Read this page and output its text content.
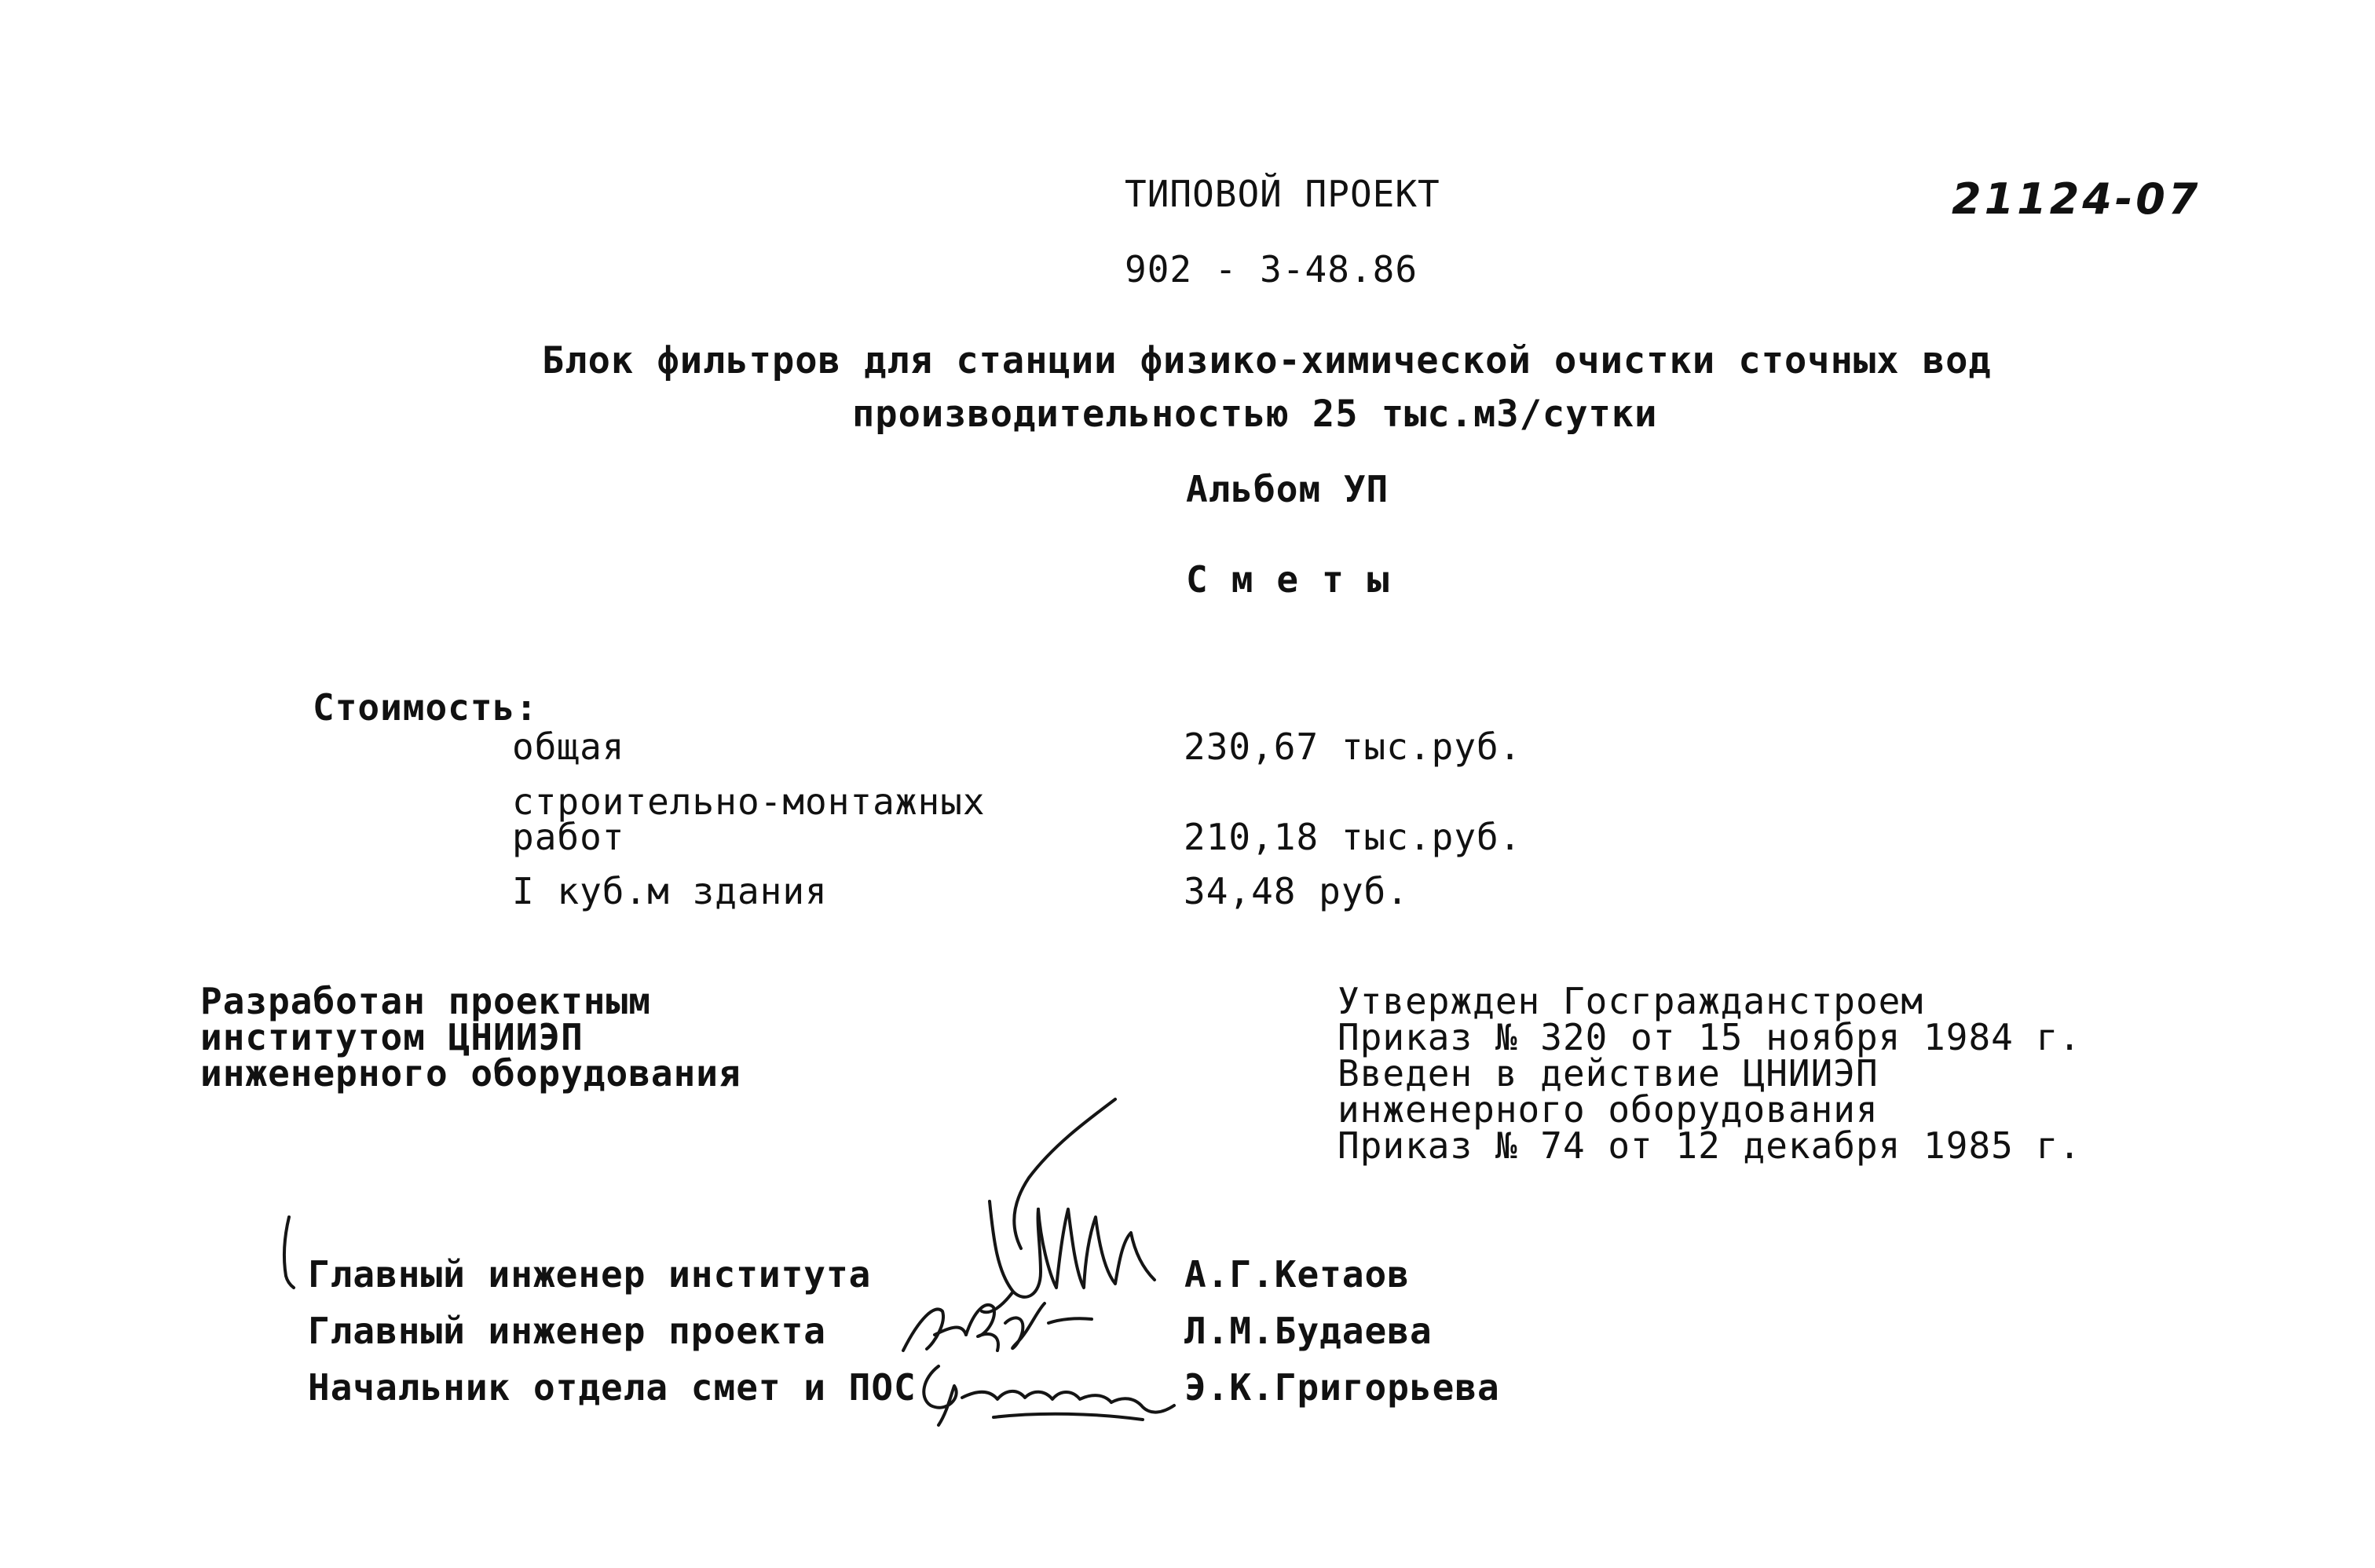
ТИПОВОЙ ПРОЕКТ
902 - 3-48.86
21124-07
Блок фильтров для станции физико-химической очистки сточных вод
производительностью 25 тыс.м3/сутки
Альбом УП
Сметы
Стоимость:
общая	230,67 тыс.руб.
строительно-монтажных
работ	210,18 тыс.руб.
I куб.м здания	34,48 руб.
Разработан проектным
институтом ЦНИИЭП
инженерного оборудования
Утвержден Госгражданстроем
Приказ № 320 от 15 ноября 1984 г.
Введен в действие ЦНИИЭП
инженерного оборудования
Приказ № 74 от 12 декабря 1985 г.
Главный инженер института	А.Г.Кетаов
Главный инженер проекта	Л.М.Будаева
Начальник отдела смет и ПОС	Э.К.Григорьева
